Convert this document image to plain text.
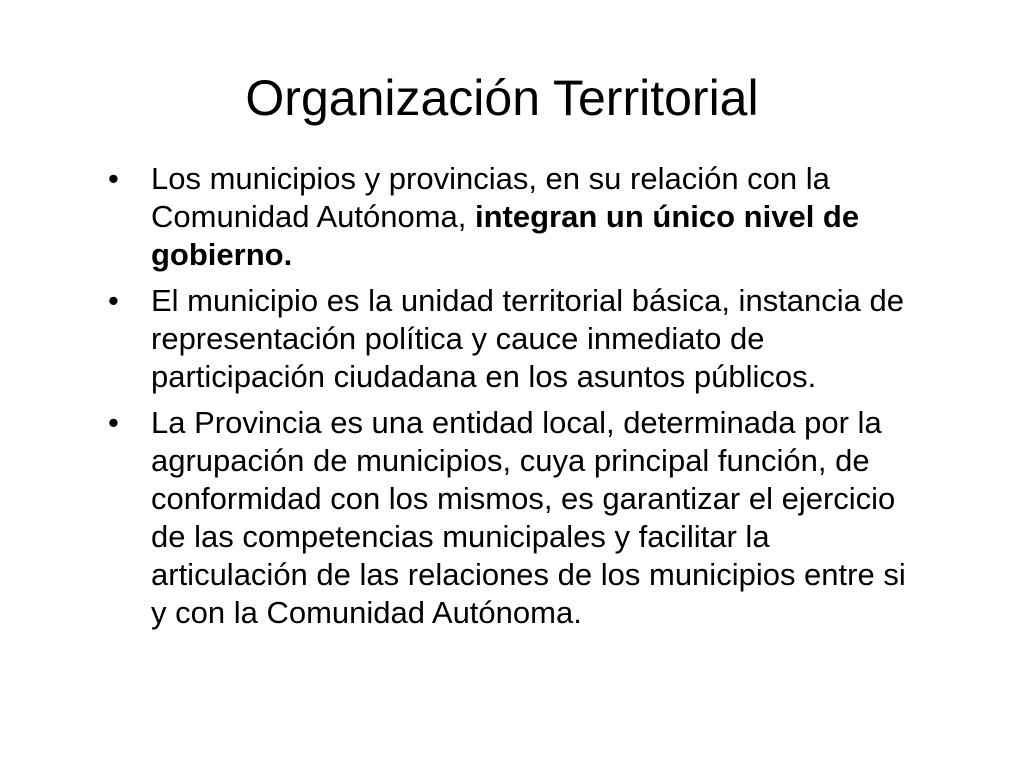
Organización Territorial
• Los municipios y provincias, en su relación con la Comunidad Autónoma, integran un único nivel de gobierno.
• El municipio es la unidad territorial básica, instancia de representación política y cauce inmediato de participación ciudadana en los asuntos públicos.
• La Provincia es una entidad local, determinada por la agrupación de municipios, cuya principal función, de conformidad con los mismos, es garantizar el ejercicio de las competencias municipales y facilitar la articulación de las relaciones de los municipios entre si y con la Comunidad Autónoma.
